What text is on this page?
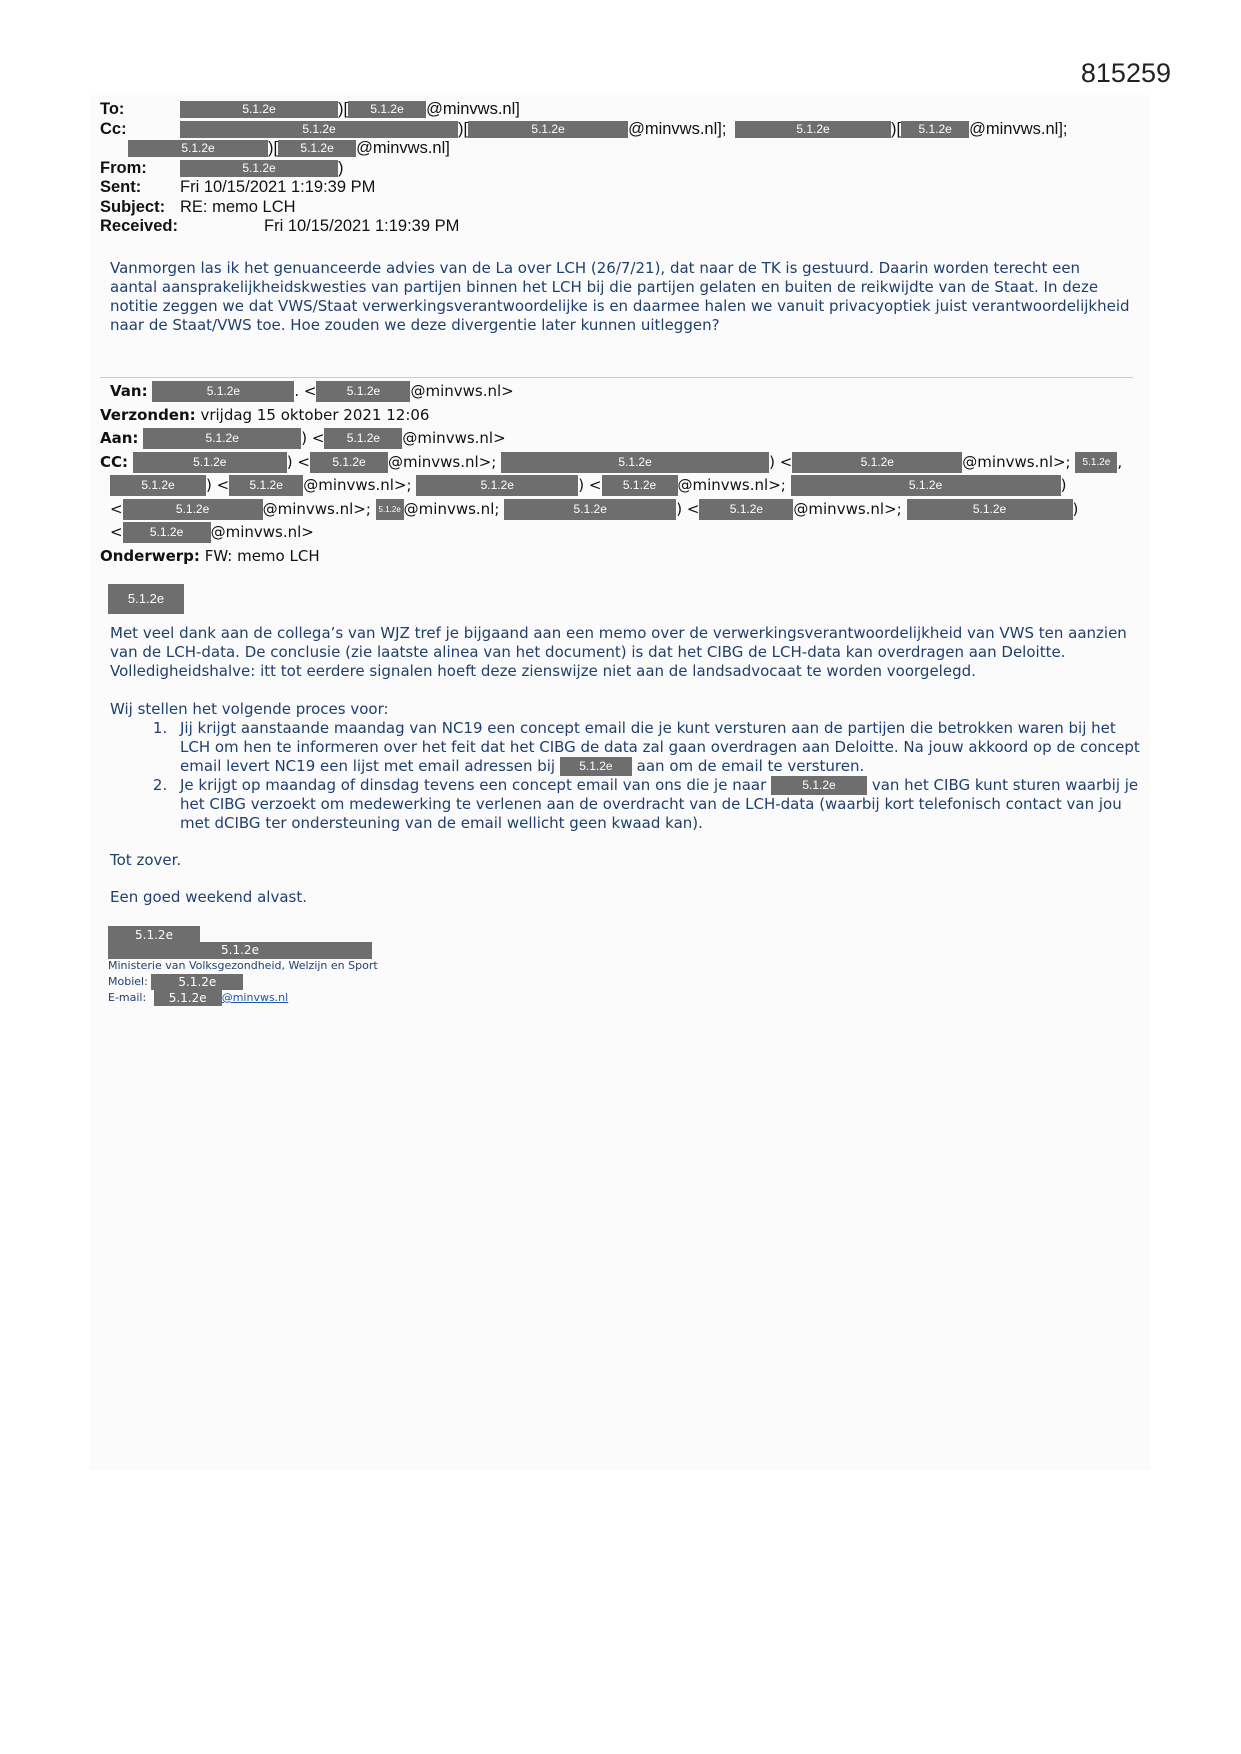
815259
To:	5.1.2e	)[ 5.1.2e @minvws.nl]
Cc:	5.1.2e	)[	5.1.2e	@minvws.nl];	5.1.2e	)[ 5.1.2e @minvws.nl];
5.1.2e	)[ 5.1.2e @minvws.nl]
From:	5.1.2e	)
Sent: Fri 10/15/2021 1:19:39 PM
Subject: RE: memo LCH
Received:	Fri 10/15/2021 1:19:39 PM
Vanmorgen las ik het genuanceerde advies van de La over LCH (26/7/21), dat naar de TK is gestuurd. Daarin worden terecht een aantal aansprakelijkheidskwesties van partijen binnen het LCH bij die partijen gelaten en buiten de reikwijdte van de Staat. In deze notitie zeggen we dat VWS/Staat verwerkingsverantwoordelijke is en daarmee halen we vanuit privacyoptiek juist verantwoordelijkheid naar de Staat/VWS toe. Hoe zouden we deze divergentie later kunnen uitleggen?
Van:	5.1.2e	. <	5.1.2e @minvws.nl>
Verzonden: vrijdag 15 oktober 2021 12:06
Aan:	5.1.2e	) < 5.1.2e @minvws.nl>
CC:	5.1.2e	) < 5.1.2e @minvws.nl>;	5.1.2e	) <	5.1.2e	@minvws.nl>; 5.1.2e ,
5.1.2e ) < 5.1.2e @minvws.nl>;	5.1.2e	) < 5.1.2e @minvws.nl>;	5.1.2e	)
<	5.1.2e	@minvws.nl>; 5.1.2e @minvws.nl;	5.1.2e	) <	5.1.2e @minvws.nl>;	5.1.2e	)
< 5.1.2e @minvws.nl>
Onderwerp: FW: memo LCH
5.1.2e
Met veel dank aan de collega’s van WJZ tref je bijgaand aan een memo over de verwerkingsverantwoordelijkheid van VWS ten aanzien van de LCH-data. De conclusie (zie laatste alinea van het document) is dat het CIBG de LCH-data kan overdragen aan Deloitte. Volledigheidshalve: itt tot eerdere signalen hoeft deze zienswijze niet aan de landsadvocaat te worden voorgelegd.
Wij stellen het volgende proces voor:
1. Jij krijgt aanstaande maandag van NC19 een concept email die je kunt versturen aan de partijen die betrokken waren bij het LCH om hen te informeren over het feit dat het CIBG de data zal gaan overdragen aan Deloitte. Na jouw akkoord op de concept email levert NC19 een lijst met email adressen bij 5.1.2e aan om de email te versturen.
2. Je krijgt op maandag of dinsdag tevens een concept email van ons die je naar	5.1.2e van het CIBG kunt sturen waarbij je het CIBG verzoekt om medewerking te verlenen aan de overdracht van de LCH-data (waarbij kort telefonisch contact van jou met dCIBG ter ondersteuning van de email wellicht geen kwaad kan).
Tot zover.
Een goed weekend alvast.
5.1.2e
5.1.2e
Ministerie van Volksgezondheid, Welzijn en Sport
Mobiel:	5.1.2e
E-mail: 5.1.2e @minvws.nl
